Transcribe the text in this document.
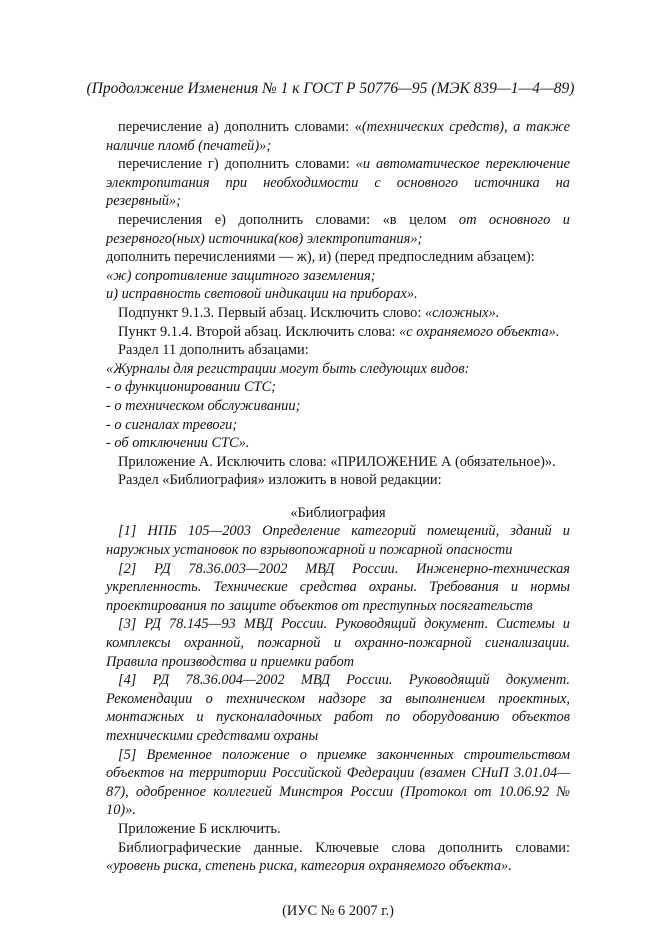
(Продолжение Изменения № 1 к ГОСТ Р 50776—95 (МЭК 839—1—4—89)

перечисление а) дополнить словами: «(технических средств), а также наличие пломб (печатей)»;

перечисление г) дополнить словами: «и автоматическое переключение электропитания при необходимости с основного источника на резервный»;

перечисления е) дополнить словами: «в целом от основного и резервного(ных) источника(ков) электропитания»;

дополнить перечислениями — ж), и) (перед предпоследним абзацем):

«ж) сопротивление защитного заземления;

и) исправность световой индикации на приборах».

Подпункт 9.1.3. Первый абзац. Исключить слово: «сложных».

Пункт 9.1.4. Второй абзац. Исключить слова: «с охраняемого объекта».

Раздел 11 дополнить абзацами:

«Журналы для регистрации могут быть следующих видов:

- о функционировании СТС;

- о техническом обслуживании;

- о сигналах тревоги;

- об отключении СТС».

Приложение А. Исключить слова: «ПРИЛОЖЕНИЕ А (обязательное)».

Раздел «Библиография» изложить в новой редакции:

«Библиография

[1] НПБ 105—2003 Определение категорий помещений, зданий и наружных установок по взрывопожарной и пожарной опасности

[2] РД 78.36.003—2002 МВД России. Инженерно-техническая укрепленность. Технические средства охраны. Требования и нормы проектирования по защите объектов от преступных посягательств

[3] РД 78.145—93 МВД России. Руководящий документ. Системы и комплексы охранной, пожарной и охранно-пожарной сигнализации. Правила производства и приемки работ

[4] РД 78.36.004—2002 МВД России. Руководящий документ. Рекомендации о техническом надзоре за выполнением проектных, монтажных и пусконаладочных работ по оборудованию объектов техническими средствами охраны

[5] Временное положение о приемке законченных строительством объектов на территории Российской Федерации (взамен СНиП 3.01.04—87), одобренное коллегией Минстроя России (Протокол от 10.06.92 № 10)».

Приложение Б исключить.

Библиографические данные. Ключевые слова дополнить словами: «уровень риска, степень риска, категория охраняемого объекта».

(ИУС № 6 2007 г.)
